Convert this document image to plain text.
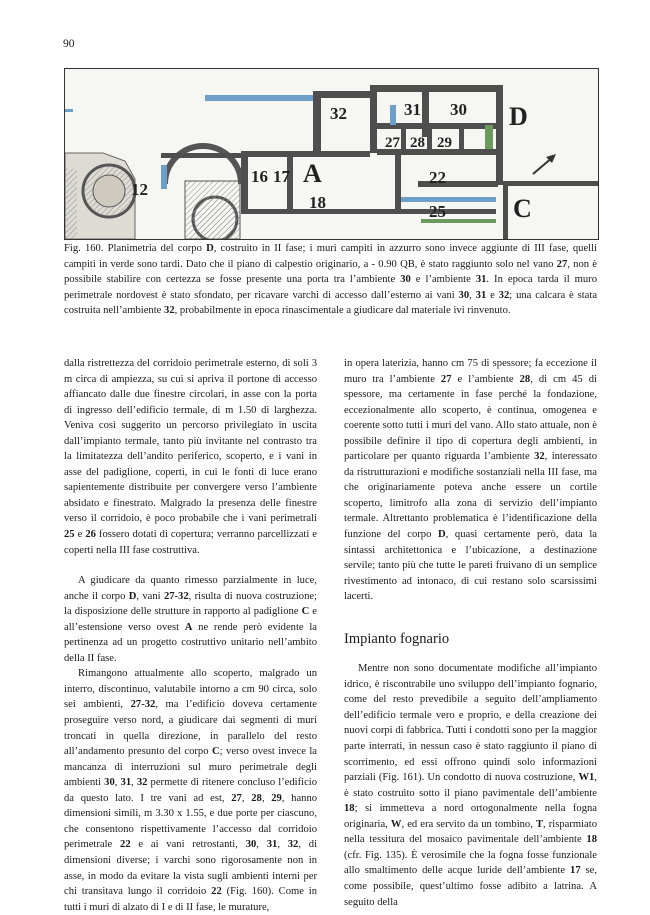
90
32	31 30 D
27 28 29
16 17 A	22
12
18	25	C
Fig. 160. Planimetria del corpo D, costruito in II fase; i muri campiti in azzurro sono invece aggiunte di III fase, quelli campiti in verde sono tardi. Dato che il piano di calpestio originario, a - 0.90 QB, è stato raggiunto solo nel vano 27, non è possibile stabilire con certezza se fosse presente una porta tra l’ambiente 30 e l’ambiente 31. In epoca tarda il muro perimetrale nordovest è stato sfondato, per ricavare varchi di accesso dall’esterno ai vani 30, 31 e 32; una calcara è stata costruita nell’ambiente 32, probabilmente in epoca rinascimentale a giudicare dal materiale ivi rinvenuto.

dalla ristrettezza del corridoio perimetrale esterno, di soli 3 m circa di ampiezza, su cui si apriva il portone di accesso affiancato dalle due finestre circolari, in asse con la porta di ingresso dell’edificio termale, di m 1.50 di larghezza. Veniva così suggerito un percorso privilegiato in uscita dall’impianto termale, tanto più invitante nel contrasto tra la limitatezza dell’andito periferico, scoperto, e i vani in asse del padiglione, coperti, in cui le fonti di luce erano sapientemente distribuite per convergere verso l’ambiente absidato e finestrato. Malgrado la presenza delle finestre verso il corridoio, è poco probabile che i vani perimetrali 25 e 26 fossero dotati di copertura; verranno parcellizzati e coperti nella III fase costruttiva.

A giudicare da quanto rimesso parzialmente in luce, anche il corpo D, vani 27-32, risulta di nuova costruzione; la disposizione delle strutture in rapporto al padiglione C e all’estensione verso ovest A ne rende però evidente la pertinenza ad un progetto costruttivo unitario nell’ambito della II fase.

Rimangono attualmente allo scoperto, malgrado un interro, discontinuo, valutabile intorno a cm 90 circa, solo sei ambienti, 27-32, ma l’edificio doveva certamente proseguire verso nord, a giudicare dai segmenti di muri troncati in quella direzione, in parallelo del resto all’andamento presunto del corpo C; verso ovest invece la mancanza di interruzioni sul muro perimetrale degli ambienti 30, 31, 32 permette di ritenere concluso l’edificio da questo lato. I tre vani ad est, 27, 28, 29, hanno dimensioni simili, m 3.30 x 1.55, e due porte per ciascuno, che consentono rispettivamente l’accesso dal corridoio perimetrale 22 e ai vani retrostanti, 30, 31, 32, di dimensioni diverse; i varchi sono rigorosamente non in asse, in modo da evitare la vista sugli ambienti interni per chi transitava lungo il corridoio 22 (Fig. 160). Come in tutti i muri di alzato di I e di II fase, le murature,

in opera laterizia, hanno cm 75 di spessore; fa eccezione il muro tra l’ambiente 27 e l’ambiente 28, di cm 45 di spessore, ma certamente in fase perché la fondazione, eccezionalmente allo scoperto, è continua, omogenea e coerente sotto tutti i muri del vano. Allo stato attuale, non è possibile definire il tipo di copertura degli ambienti, in particolare per quanto riguarda l’ambiente 32, interessato da ristrutturazioni e modifiche sostanziali nella III fase, ma che originariamente poteva anche essere un cortile scoperto, limitrofo alla zona di servizio dell’impianto termale. Altrettanto problematica è l’identificazione della funzione del corpo D, quasi certamente però, data la sintassi architettonica e l’ubicazione, a destinazione servile; tanto più che tutte le pareti fruivano di un semplice rivestimento ad intonaco, di cui restano solo scarsissimi lacerti.

Impianto fognario

Mentre non sono documentate modifiche all’impianto idrico, è riscontrabile uno sviluppo dell’impianto fognario, come del resto prevedibile a seguito dell’ampliamento dell’edificio termale vero e proprio, e della creazione dei nuovi corpi di fabbrica. Tutti i condotti sono per la maggior parte interrati, in nessun caso è stato raggiunto il piano di scorrimento, ed essi offrono quindi solo informazioni parziali (Fig. 161). Un condotto di nuova costruzione, W1, è stato costruito sotto il piano pavimentale dell’ambiente 18; si immetteva a nord ortogonalmente nella fogna originaria, W, ed era servito da un tombino, T, risparmiato nella tessitura del mosaico pavimentale dell’ambiente 18 (cfr. Fig. 135). È verosimile che la fogna fosse funzionale allo smaltimento delle acque luride dell’ambiente 17 se, come possibile, quest’ultimo fosse adibito a latrina. A seguito della
